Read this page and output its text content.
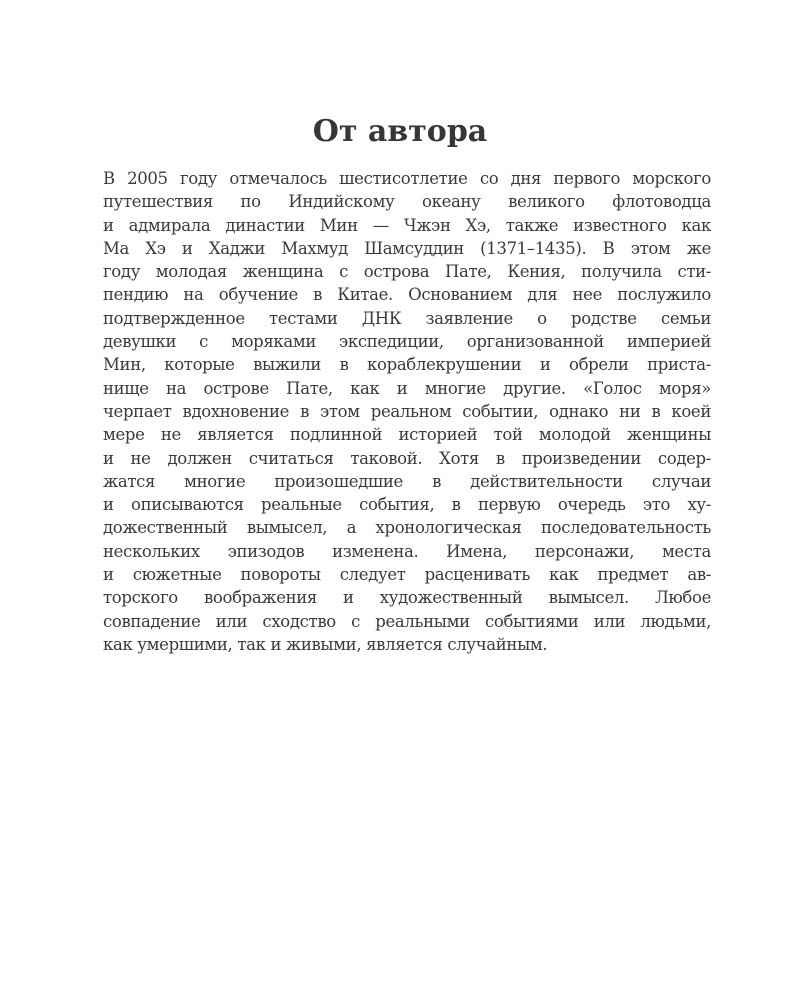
От автора
В 2005 году отмечалось шестисотлетие со дня первого морского
путешествия по Индийскому океану великого флотоводца
и адмирала династии Мин — Чжэн Хэ, также известного как
Ма Хэ и Хаджи Махмуд Шамсуддин (1371–1435). В этом же
году молодая женщина с острова Пате, Кения, получила сти-
пендию на обучение в Китае. Основанием для нее послужило
подтвержденное тестами ДНК заявление о родстве семьи
девушки с моряками экспедиции, организованной империей
Мин, которые выжили в кораблекрушении и обрели приста-
нище на острове Пате, как и многие другие. «Голос моря»
черпает вдохновение в этом реальном событии, однако ни в коей
мере не является подлинной историей той молодой женщины
и не должен считаться таковой. Хотя в произведении содер-
жатся многие произошедшие в действительности случаи
и описываются реальные события, в первую очередь это ху-
дожественный вымысел, а хронологическая последовательность
нескольких эпизодов изменена. Имена, персонажи, места
и сюжетные повороты следует расценивать как предмет ав-
торского воображения и художественный вымысел. Любое
совпадение или сходство с реальными событиями или людьми,
как умершими, так и живыми, является случайным.
